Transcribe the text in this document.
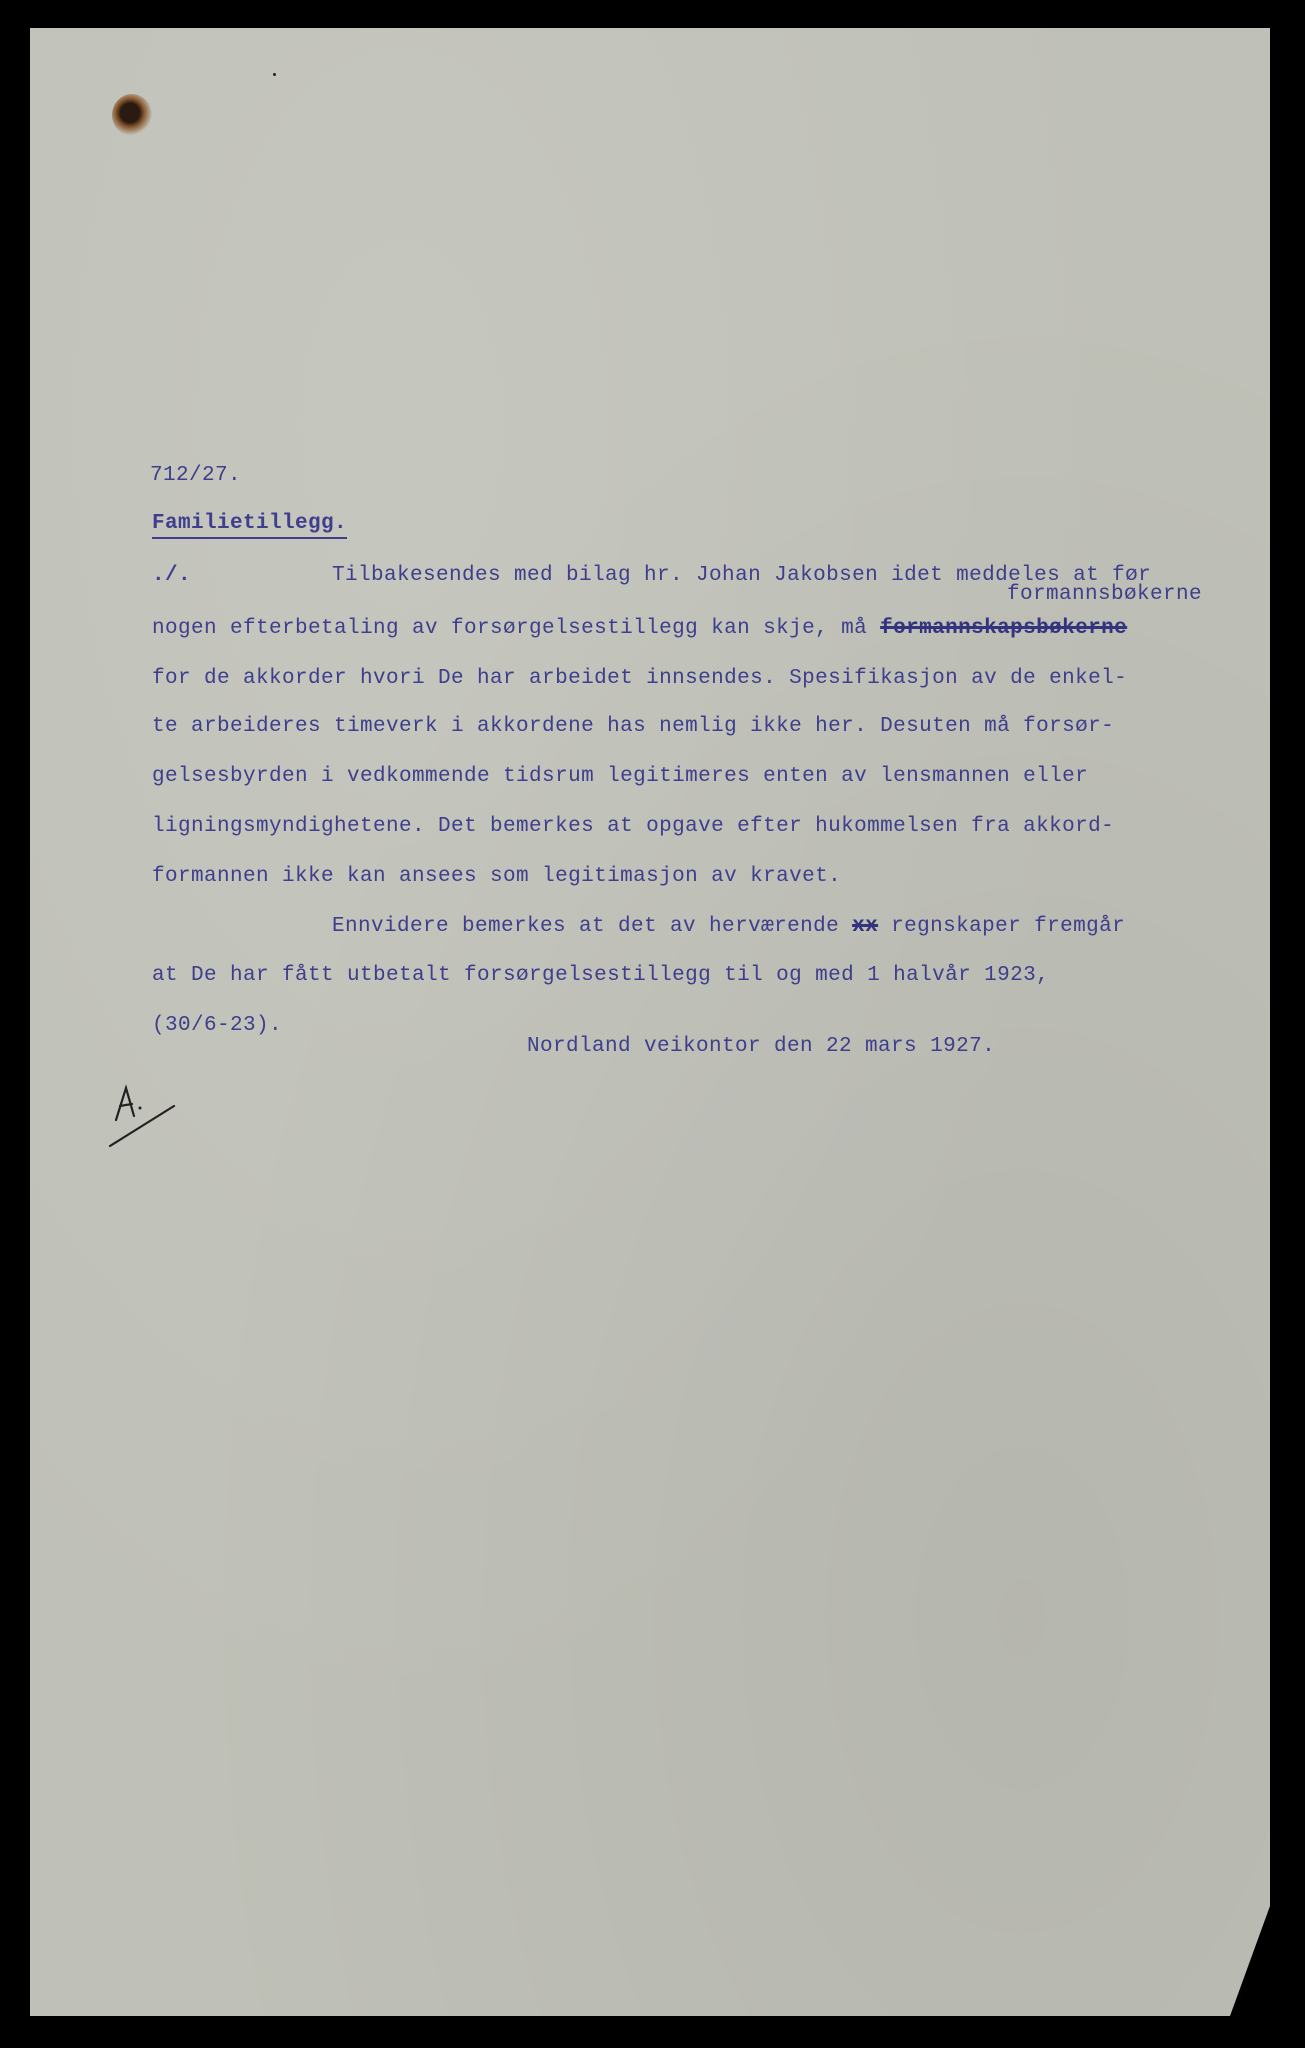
712/27.
Familietillegg.
./.	Tilbakesendes med bilag hr. Johan Jakobsen idet meddeles at før
formannsbøkerne
nogen efterbetaling av forsørgelsestillegg kan skje, må formannskapsbøkerne
for de akkorder hvori De har arbeidet innsendes. Spesifikasjon av de enkel-
te arbeideres timeverk i akkordene has nemlig ikke her. Desuten må forsør-
gelsesbyrden i vedkommende tidsrum legitimeres enten av lensmannen eller
ligningsmyndighetene. Det bemerkes at opgave efter hukommelsen fra akkord-
formannen ikke kan ansees som legitimasjon av kravet.
Ennvidere bemerkes at det av herværende xx regnskaper fremgår
at De har fått utbetalt forsørgelsestillegg til og med 1 halvår 1923,
(30/6-23).
Nordland veikontor den 22 mars 1927.
